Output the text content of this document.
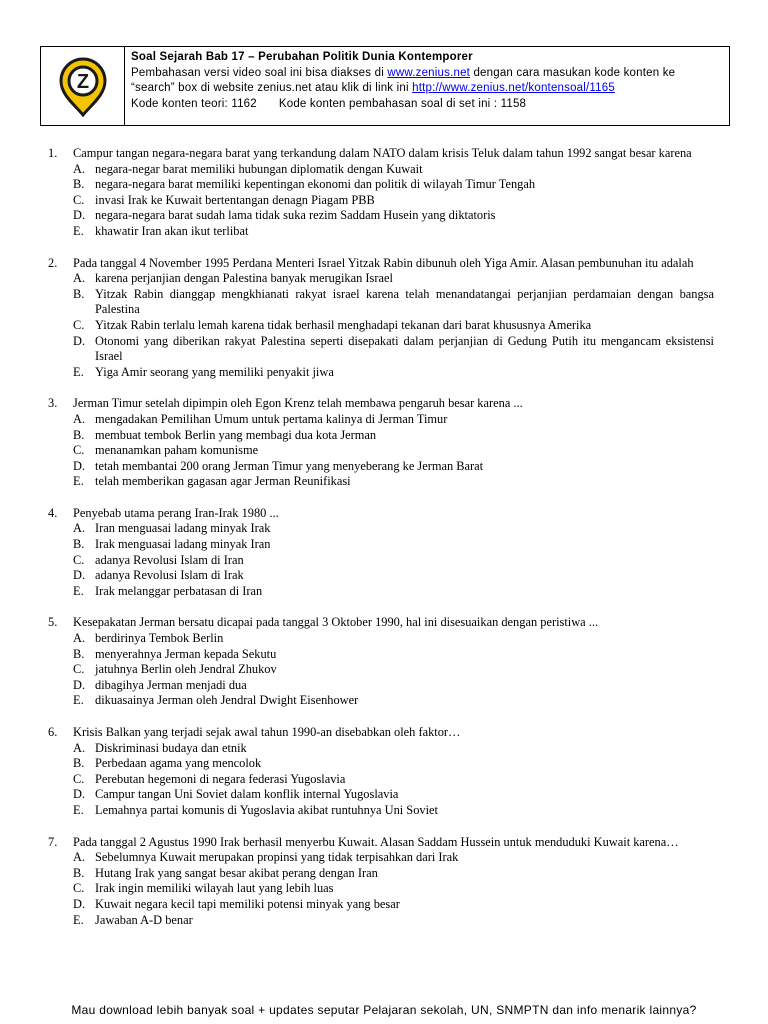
Z
Soal Sejarah Bab 17 – Perubahan Politik Dunia Kontemporer
Pembahasan versi video soal ini bisa diakses di www.zenius.net dengan cara masukan kode konten ke
“search” box di website zenius.net atau klik di link ini http://www.zenius.net/kontensoal/1165
Kode konten teori: 1162 Kode konten pembahasan soal di set ini : 1158
1.	Campur tangan negara-negara barat yang terkandung dalam NATO dalam krisis Teluk dalam tahun 1992 sangat besar karena
A. negara-negar barat memiliki hubungan diplomatik dengan Kuwait
B. negara-negara barat memiliki kepentingan ekonomi dan politik di wilayah Timur Tengah
C. invasi Irak ke Kuwait bertentangan denagn Piagam PBB
D. negara-negara barat sudah lama tidak suka rezim Saddam Husein yang diktatoris
E. khawatir Iran akan ikut terlibat
2.	Pada tanggal 4 November 1995 Perdana Menteri Israel Yitzak Rabin dibunuh oleh Yiga Amir. Alasan pembunuhan itu adalah
A. karena perjanjian dengan Palestina banyak merugikan Israel
B. Yitzak Rabin dianggap mengkhianati rakyat israel karena telah menandatangai perjanjian perdamaian dengan bangsa Palestina
C. Yitzak Rabin terlalu lemah karena tidak berhasil menghadapi tekanan dari barat khususnya Amerika
D. Otonomi yang diberikan rakyat Palestina seperti disepakati dalam perjanjian di Gedung Putih itu mengancam eksistensi Israel
E. Yiga Amir seorang yang memiliki penyakit jiwa
3.	Jerman Timur setelah dipimpin oleh Egon Krenz telah membawa pengaruh besar karena ...
A. mengadakan Pemilihan Umum untuk pertama kalinya di Jerman Timur
B. membuat tembok Berlin yang membagi dua kota Jerman
C. menanamkan paham komunisme
D. tetah membantai 200 orang Jerman Timur yang menyeberang ke Jerman Barat
E. telah memberikan gagasan agar Jerman Reunifikasi
4.	Penyebab utama perang Iran-Irak 1980 ...
A. Iran menguasai ladang minyak Irak
B. Irak menguasai ladang minyak Iran
C. adanya Revolusi Islam di Iran
D. adanya Revolusi Islam di Irak
E. Irak melanggar perbatasan di Iran
5.	Kesepakatan Jerman bersatu dicapai pada tanggal 3 Oktober 1990, hal ini disesuaikan dengan peristiwa ...
A. berdirinya Tembok Berlin
B. menyerahnya Jerman kepada Sekutu
C. jatuhnya Berlin oleh Jendral Zhukov
D. dibagihya Jerman menjadi dua
E. dikuasainya Jerman oleh Jendral Dwight Eisenhower
6.	Krisis Balkan yang terjadi sejak awal tahun 1990-an disebabkan oleh faktor…
A. Diskriminasi budaya dan etnik
B. Perbedaan agama yang mencolok
C. Perebutan hegemoni di negara federasi Yugoslavia
D. Campur tangan Uni Soviet dalam konflik internal Yugoslavia
E. Lemahnya partai komunis di Yugoslavia akibat runtuhnya Uni Soviet
7.	Pada tanggal 2 Agustus 1990 Irak berhasil menyerbu Kuwait. Alasan Saddam Hussein untuk menduduki Kuwait karena…
A. Sebelumnya Kuwait merupakan propinsi yang tidak terpisahkan dari Irak
B. Hutang Irak yang sangat besar akibat perang dengan Iran
C. Irak ingin memiliki wilayah laut yang lebih luas
D. Kuwait negara kecil tapi memiliki potensi minyak yang besar
E. Jawaban A-D benar
Mau download lebih banyak soal + updates seputar Pelajaran sekolah, UN, SNMPTN dan info menarik lainnya?
